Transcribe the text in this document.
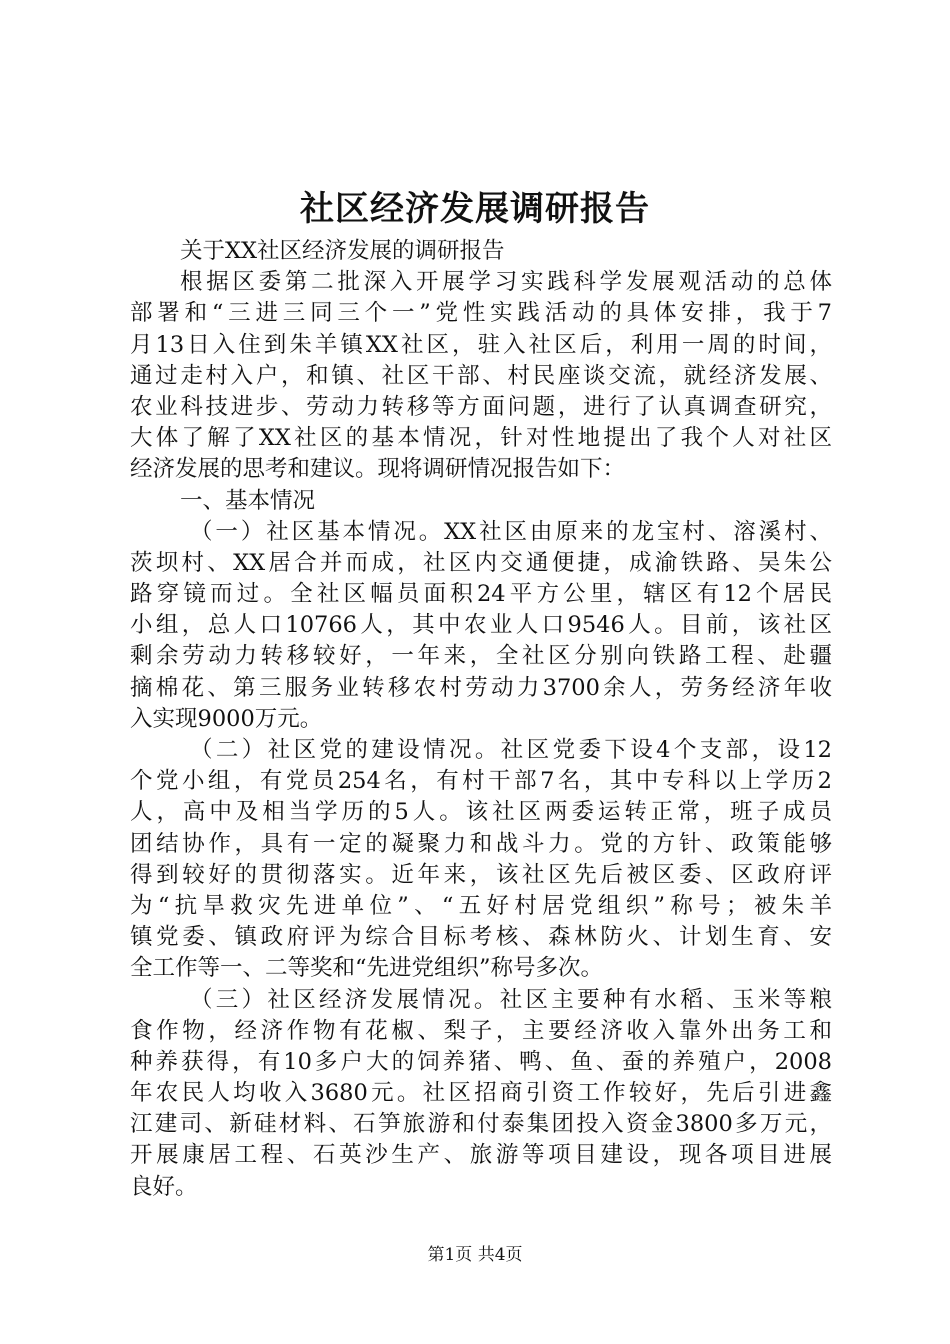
社区经济发展调研报告
关于XX社区经济发展的调研报告
根据区委第二批深入开展学习实践科学发展观活动的总体
部署和“三进三同三个一”党性实践活动的具体安排，我于7
月13日入住到朱羊镇XX社区，驻入社区后，利用一周的时间，
通过走村入户，和镇、社区干部、村民座谈交流，就经济发展、
农业科技进步、劳动力转移等方面问题，进行了认真调查研究，
大体了解了XX社区的基本情况，针对性地提出了我个人对社区
经济发展的思考和建议。现将调研情况报告如下：
一、基本情况
（一）社区基本情况。XX社区由原来的龙宝村、溶溪村、
茨坝村、XX居合并而成，社区内交通便捷，成渝铁路、吴朱公
路穿镜而过。全社区幅员面积24平方公里，辖区有12个居民
小组，总人口10766人，其中农业人口9546人。目前，该社区
剩余劳动力转移较好，一年来，全社区分别向铁路工程、赴疆
摘棉花、第三服务业转移农村劳动力3700余人，劳务经济年收
入实现9000万元。
（二）社区党的建设情况。社区党委下设4个支部，设12
个党小组，有党员254名，有村干部7名，其中专科以上学历2
人，高中及相当学历的5人。该社区两委运转正常，班子成员
团结协作，具有一定的凝聚力和战斗力。党的方针、政策能够
得到较好的贯彻落实。近年来，该社区先后被区委、区政府评
为“抗旱救灾先进单位”、“五好村居党组织”称号；被朱羊
镇党委、镇政府评为综合目标考核、森林防火、计划生育、安
全工作等一、二等奖和“先进党组织”称号多次。
（三）社区经济发展情况。社区主要种有水稻、玉米等粮
食作物，经济作物有花椒、梨子，主要经济收入靠外出务工和
种养获得，有10多户大的饲养猪、鸭、鱼、蚕的养殖户，2008
年农民人均收入3680元。社区招商引资工作较好，先后引进鑫
江建司、新硅材料、石笋旅游和付泰集团投入资金3800多万元，
开展康居工程、石英沙生产、旅游等项目建设，现各项目进展
良好。
第1页 共4页
